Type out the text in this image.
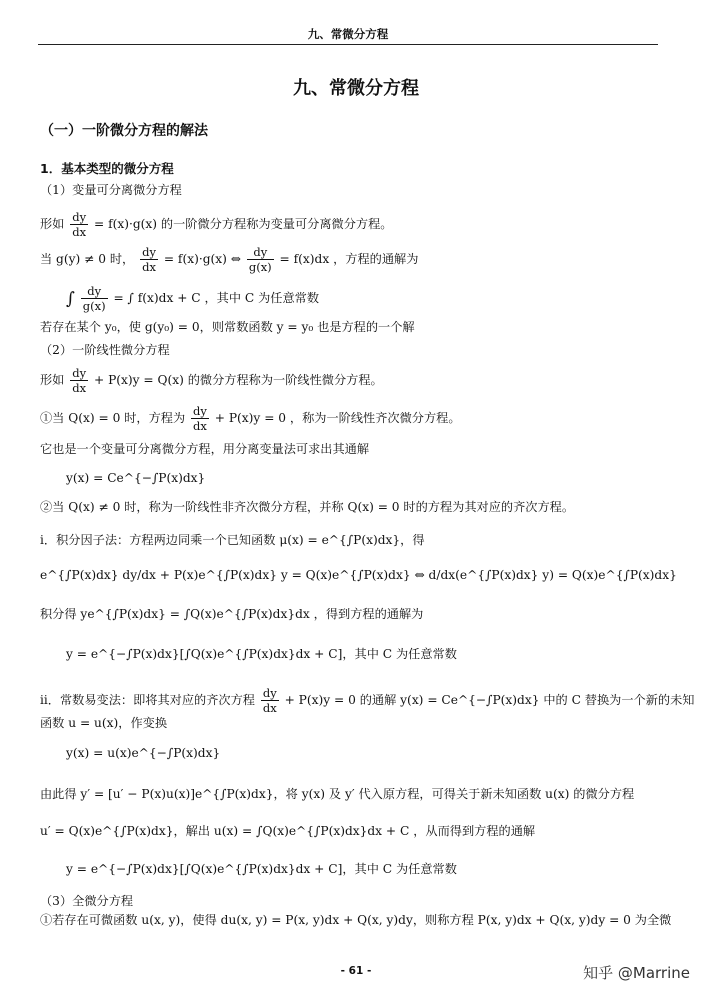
九、常微分方程
九、常微分方程
（一）一阶微分方程的解法
1．基本类型的微分方程
（1）变量可分离微分方程
形如 $\frac{dy}{dx} = f(x)\cdot g(x)$ 的一阶微分方程称为变量可分离微分方程。
当 g(y) ≠ 0 时， $\frac{dy}{dx} = f(x)\cdot g(x)$ ⇔ $\frac{dy}{g(x)} = f(x)dx$ ，方程的通解为
∫ $\frac{dy}{g(x)}$ = ∫ f(x)dx + C ，其中 C 为任意常数
若存在某个 y₀，使 g(y₀) = 0，则常数函数 y = y₀ 也是方程的一个解
（2）一阶线性微分方程
形如 $\frac{dy}{dx} + P(x)y = Q(x)$ 的微分方程称为一阶线性微分方程。
①当 Q(x) = 0 时，方程为 $\frac{dy}{dx} + P(x)y = 0$ ，称为一阶线性齐次微分方程。
它也是一个变量可分离微分方程，用分离变量法可求出其通解
y(x) = Ce^{−∫P(x)dx}
②当 Q(x) ≠ 0 时，称为一阶线性非齐次微分方程，并称 Q(x) = 0 时的方程为其对应的齐次方程。
i．积分因子法：方程两边同乘一个已知函数 μ(x) = e^{∫P(x)dx}，得
e^{∫P(x)dx} dy/dx + P(x)e^{∫P(x)dx} y = Q(x)e^{∫P(x)dx} ⇔ d/dx(e^{∫P(x)dx} y) = Q(x)e^{∫P(x)dx}
积分得 ye^{∫P(x)dx} = ∫Q(x)e^{∫P(x)dx}dx ，得到方程的通解为
y = e^{−∫P(x)dx}[∫Q(x)e^{∫P(x)dx}dx + C]，其中 C 为任意常数
ii．常数易变法：即将其对应的齐次方程 $\frac{dy}{dx} + P(x)y = 0$ 的通解 y(x) = Ce^{−∫P(x)dx} 中的 C 替换为一个新的未知
函数 u = u(x)，作变换
y(x) = u(x)e^{−∫P(x)dx}
由此得 y′ = [u′ − P(x)u(x)]e^{∫P(x)dx}，将 y(x) 及 y′ 代入原方程，可得关于新未知函数 u(x) 的微分方程
u′ = Q(x)e^{∫P(x)dx}，解出 u(x) = ∫Q(x)e^{∫P(x)dx}dx + C ，从而得到方程的通解
y = e^{−∫P(x)dx}[∫Q(x)e^{∫P(x)dx}dx + C]，其中 C 为任意常数
（3）全微分方程
①若存在可微函数 u(x, y)，使得 du(x, y) = P(x, y)dx + Q(x, y)dy，则称方程 P(x, y)dx + Q(x, y)dy = 0 为全微
- 61 -	知乎 @Marrine
